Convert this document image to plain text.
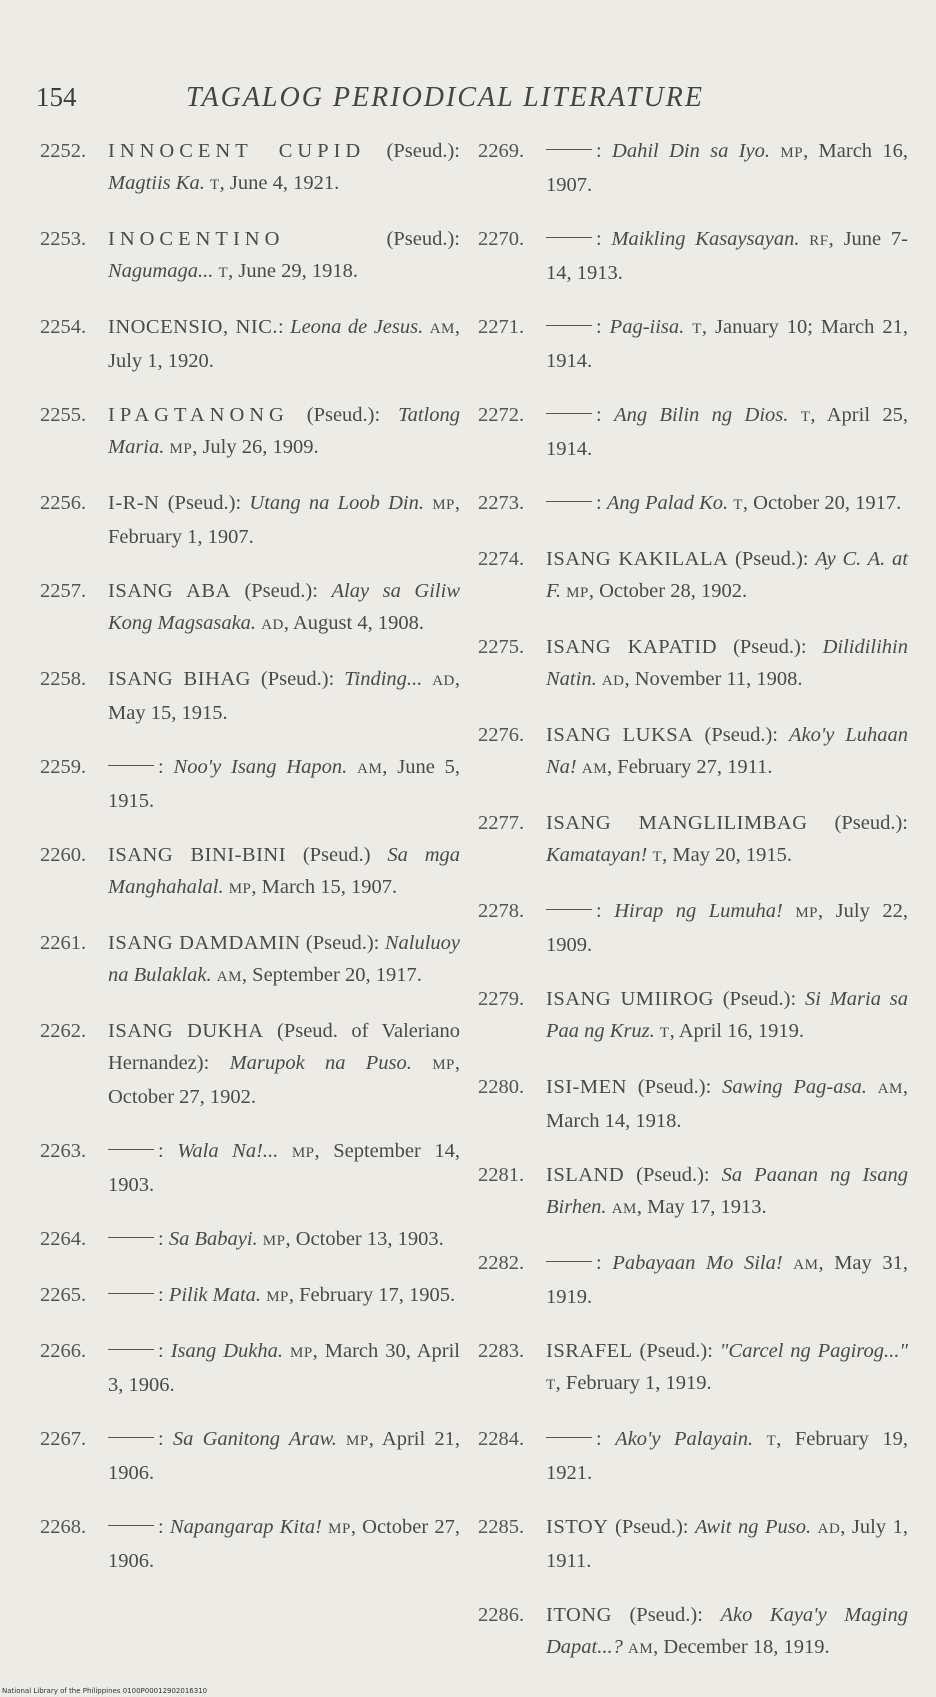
154	TAGALOG PERIODICAL LITERATURE
2252.	INNOCENT CUPID (Pseud.): Magtiis Ka. T, June 4, 1921.
2253.	INOCENTINO (Pseud.): Nagumaga... T, June 29, 1918.
2254.	INOCENSIO, NIC.: Leona de Jesus. AM, July 1, 1920.
2255.	IPAGTANONG (Pseud.): Tatlong Maria. MP, July 26, 1909.
2256.	I-R-N (Pseud.): Utang na Loob Din. MP, February 1, 1907.
2257.	ISANG ABA (Pseud.): Alay sa Giliw Kong Magsasaka. AD, August 4, 1908.
2258.	ISANG BIHAG (Pseud.): Tinding... AD, May 15, 1915.
2259.	: Noo'y Isang Hapon. AM, June 5, 1915.
2260.	ISANG BINI-BINI (Pseud.) Sa mga Manghahalal. MP, March 15, 1907.
2261.	ISANG DAMDAMIN (Pseud.): Naluluoy na Bulaklak. AM, September 20, 1917.
2262.	ISANG DUKHA (Pseud. of Valeriano Hernandez): Marupok na Puso. MP, October 27, 1902.
2263.	: Wala Na!... MP, September 14, 1903.
2264.	: Sa Babayi. MP, October 13, 1903.
2265.	: Pilik Mata. MP, February 17, 1905.
2266.	: Isang Dukha. MP, March 30, April 3, 1906.
2267.	: Sa Ganitong Araw. MP, April 21, 1906.
2268.	: Napangarap Kita! MP, October 27, 1906.
2269.	: Dahil Din sa Iyo. MP, March 16, 1907.
2270.	: Maikling Kasaysayan. RF, June 7-14, 1913.
2271.	: Pag-iisa. T, January 10; March 21, 1914.
2272.	: Ang Bilin ng Dios. T, April 25, 1914.
2273.	: Ang Palad Ko. T, October 20, 1917.
2274.	ISANG KAKILALA (Pseud.): Ay C. A. at F. MP, October 28, 1902.
2275.	ISANG KAPATID (Pseud.): Dilidilihin Natin. AD, November 11, 1908.
2276.	ISANG LUKSA (Pseud.): Ako'y Luhaan Na! AM, February 27, 1911.
2277.	ISANG MANGLILIMBAG (Pseud.): Kamatayan! T, May 20, 1915.
2278.	: Hirap ng Lumuha! MP, July 22, 1909.
2279.	ISANG UMIIROG (Pseud.): Si Maria sa Paa ng Kruz. T, April 16, 1919.
2280.	ISI-MEN (Pseud.): Sawing Pag-asa. AM, March 14, 1918.
2281.	ISLAND (Pseud.): Sa Paanan ng Isang Birhen. AM, May 17, 1913.
2282.	: Pabayaan Mo Sila! AM, May 31, 1919.
2283.	ISRAFEL (Pseud.): "Carcel ng Pagirog..." T, February 1, 1919.
2284.	: Ako'y Palayain. T, February 19, 1921.
2285.	ISTOY (Pseud.): Awit ng Puso. AD, July 1, 1911.
2286.	ITONG (Pseud.): Ako Kaya'y Maging Dapat...? AM, December 18, 1919.
National Library of the Philippines 0100P00012902016310
